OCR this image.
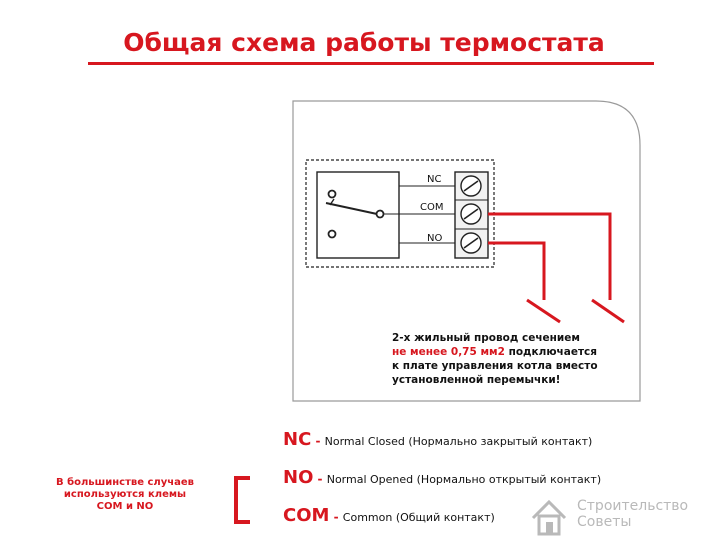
Общая схема работы термостата
NC
COM
NO
2-х жильный провод сечением
не менее 0,75 мм2 подключается
к плате управления котла вместо
установленной перемычки!
NC - Normal Closed (Нормально закрытый контакт)
NO - Normal Opened (Нормально открытый контакт)
COM - Common (Общий контакт)
В большинстве случаев
используются клемы
COM и NO	Строительство
Советы
